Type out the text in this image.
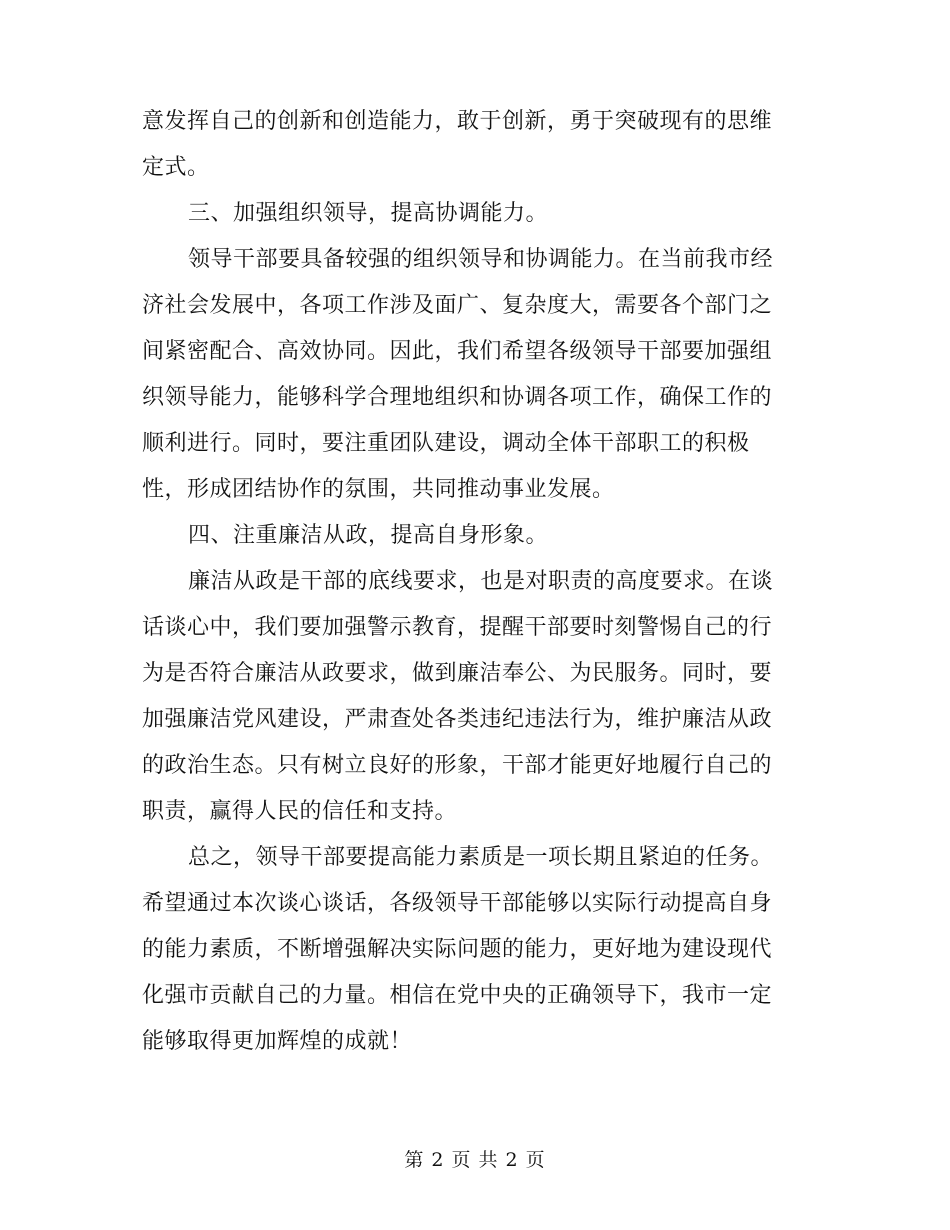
意发挥自己的创新和创造能力，敢于创新，勇于突破现有的思维
定式。
三、加强组织领导，提高协调能力。
领导干部要具备较强的组织领导和协调能力。在当前我市经
济社会发展中，各项工作涉及面广、复杂度大，需要各个部门之
间紧密配合、高效协同。因此，我们希望各级领导干部要加强组
织领导能力，能够科学合理地组织和协调各项工作，确保工作的
顺利进行。同时，要注重团队建设，调动全体干部职工的积极
性，形成团结协作的氛围，共同推动事业发展。
四、注重廉洁从政，提高自身形象。
廉洁从政是干部的底线要求，也是对职责的高度要求。在谈
话谈心中，我们要加强警示教育，提醒干部要时刻警惕自己的行
为是否符合廉洁从政要求，做到廉洁奉公、为民服务。同时，要
加强廉洁党风建设，严肃查处各类违纪违法行为，维护廉洁从政
的政治生态。只有树立良好的形象，干部才能更好地履行自己的
职责，赢得人民的信任和支持。
总之，领导干部要提高能力素质是一项长期且紧迫的任务。
希望通过本次谈心谈话，各级领导干部能够以实际行动提高自身
的能力素质，不断增强解决实际问题的能力，更好地为建设现代
化强市贡献自己的力量。相信在党中央的正确领导下，我市一定
能够取得更加辉煌的成就！
第 2 页 共 2 页
